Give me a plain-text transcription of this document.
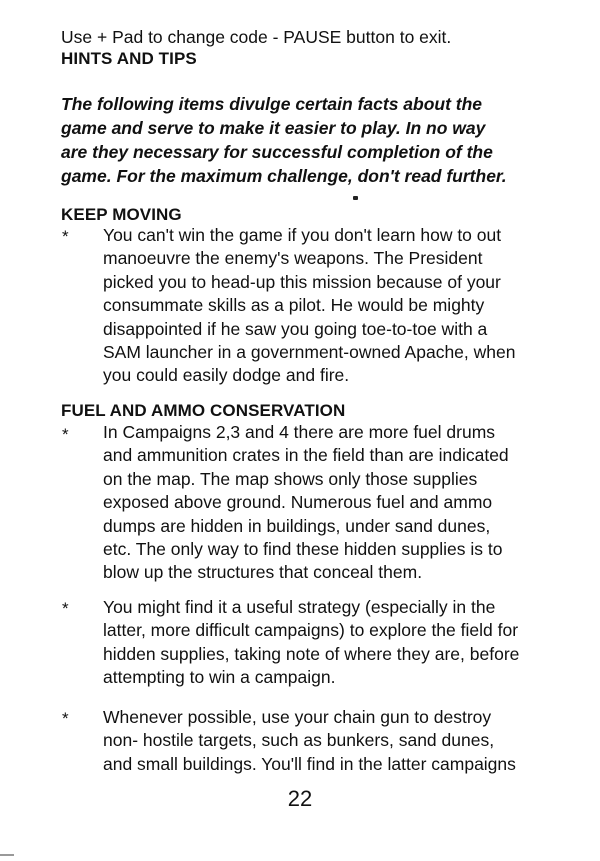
Use + Pad to change code - PAUSE button to exit.
HINTS AND TIPS
The following items divulge certain facts about the
game and serve to make it easier to play. In no way
are they necessary for successful completion of the
game. For the maximum challenge, don't read further.
KEEP MOVING
* You can't win the game if you don't learn how to out
manoeuvre the enemy's weapons. The President
picked you to head-up this mission because of your
consummate skills as a pilot. He would be mighty
disappointed if he saw you going toe-to-toe with a
SAM launcher in a government-owned Apache, when
you could easily dodge and fire.
FUEL AND AMMO CONSERVATION
* In Campaigns 2,3 and 4 there are more fuel drums
and ammunition crates in the field than are indicated
on the map. The map shows only those supplies
exposed above ground. Numerous fuel and ammo
dumps are hidden in buildings, under sand dunes,
etc. The only way to find these hidden supplies is to
blow up the structures that conceal them.
* You might find it a useful strategy (especially in the
latter, more difficult campaigns) to explore the field for
hidden supplies, taking note of where they are, before
attempting to win a campaign.
* Whenever possible, use your chain gun to destroy
non- hostile targets, such as bunkers, sand dunes,
and small buildings. You'll find in the latter campaigns
22
